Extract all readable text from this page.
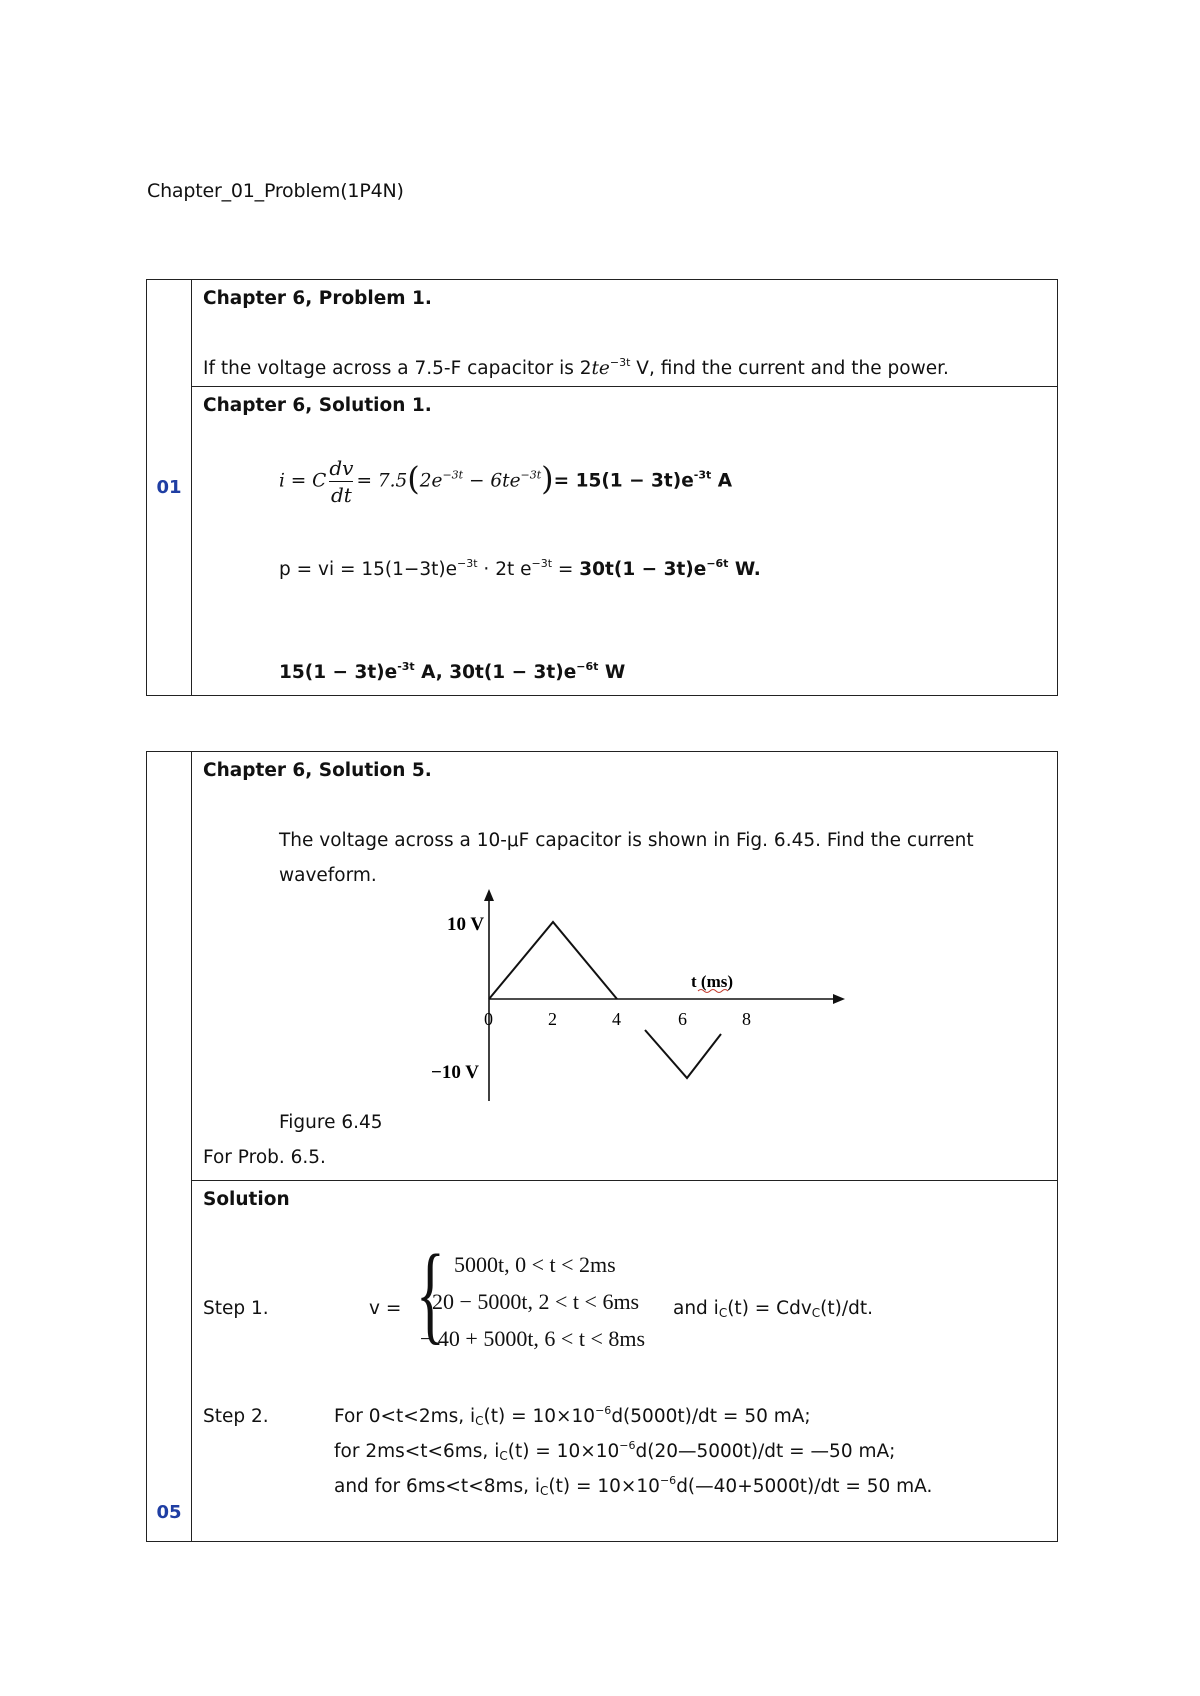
Chapter_01_Problem(1P4N)
01	
Chapter 6, Problem 1.
If the voltage across a 7.5-F capacitor is $2te^{-3t}$ V, find the current and the power.

Chapter 6, Solution 1.
i = C $\frac{dv}{dt} = 7.5(2e^{-3t} - 6te^{-3t})= 15(1 - 3t)e^{-3t}$ A
p = vi = $15(1-3t)e^{-3t} \cdot 2t$ $e^{-3t} = 30t(1 - 3t)e^{-6t}$ W.
$15(1 - 3t)e^{-3t}$ A, $30t(1 - 3t)e^{-6t}$ W
05	
Chapter 6, Solution 5.
The voltage across a 10-μF capacitor is shown in Fig. 6.45. Find the current
waveform.
10 V
−10 V
t (ms)
0	2	4	6	8
Figure 6.45
For Prob. 6.5.

Solution
Step 1.	v = { 5000t, 0 < t < 2ms
20 − 5000t, 2 < t < 6ms
− 40 + 5000t, 6 < t < 8ms
and $i_C(t) = Cdv_C(t)/dt$.
Step 2.	For 0<t<2ms, $i_C(t) = 10\times 10^{-6}d(5000t)/dt = 50$ mA;
for 2ms<t<6ms, $i_C(t)$ = $10\times 10^{-6}d(20—5000t)/dt$ = —50 mA;
and for 6ms<t<8ms, $i_C(t)$ = $10\times 10^{-6}d(—40+5000t)/dt = 50$ mA.
